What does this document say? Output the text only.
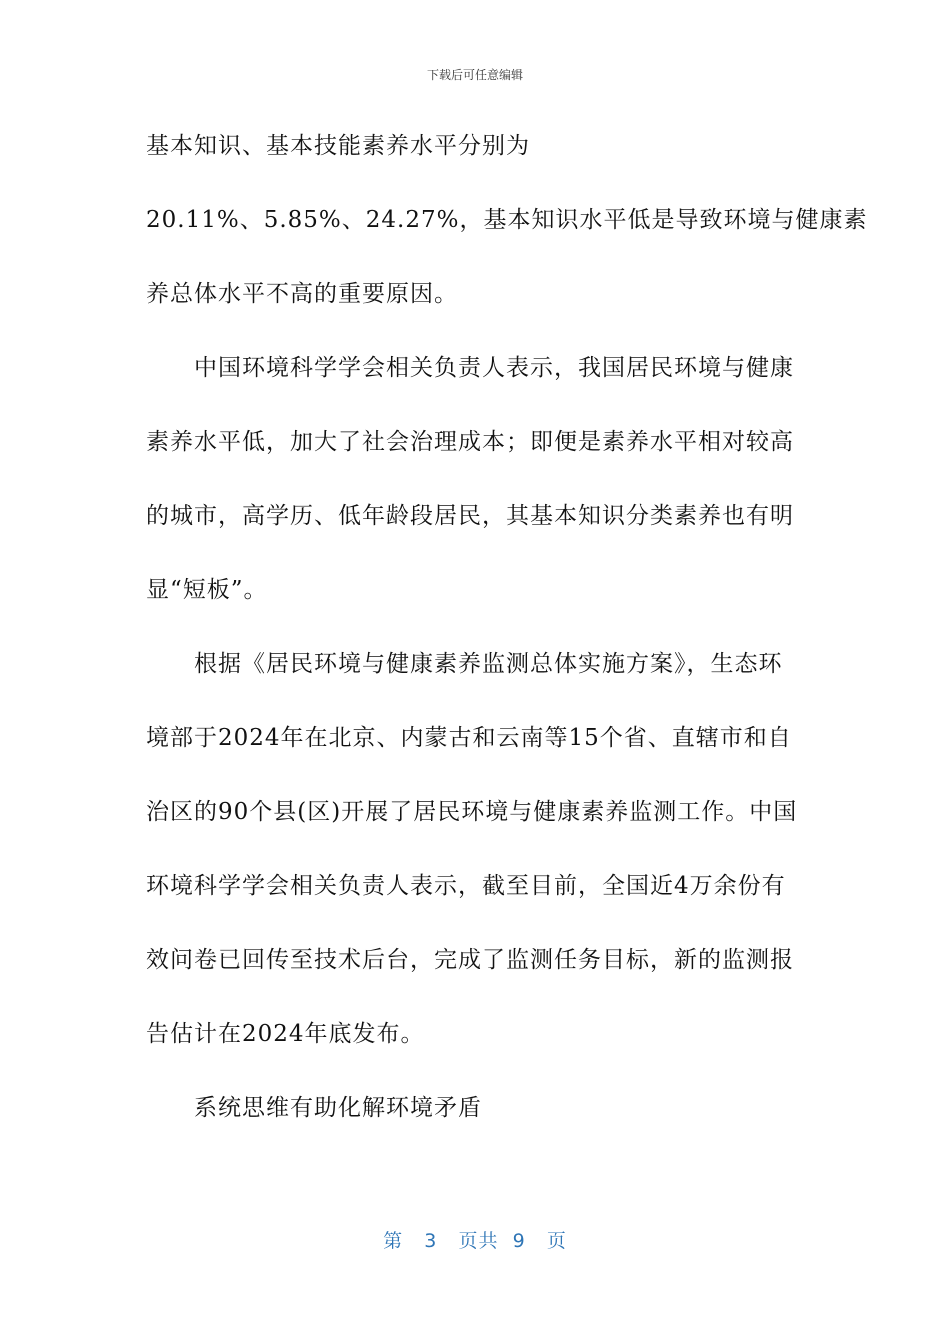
下载后可任意编辑
基本知识、基本技能素养水平分别为
20.11%、5.85%、24.27%，基本知识水平低是导致环境与健康素
养总体水平不高的重要原因。
中国环境科学学会相关负责人表示，我国居民环境与健康
素养水平低，加大了社会治理成本；即便是素养水平相对较高
的城市，高学历、低年龄段居民，其基本知识分类素养也有明
显“短板”。
根据《居民环境与健康素养监测总体实施方案》，生态环
境部于2024年在北京、内蒙古和云南等15个省、直辖市和自
治区的90个县(区)开展了居民环境与健康素养监测工作。中国
环境科学学会相关负责人表示，截至目前，全国近4万余份有
效问卷已回传至技术后台，完成了监测任务目标，新的监测报
告估计在2024年底发布。
系统思维有助化解环境矛盾
第 3 页共 9 页
